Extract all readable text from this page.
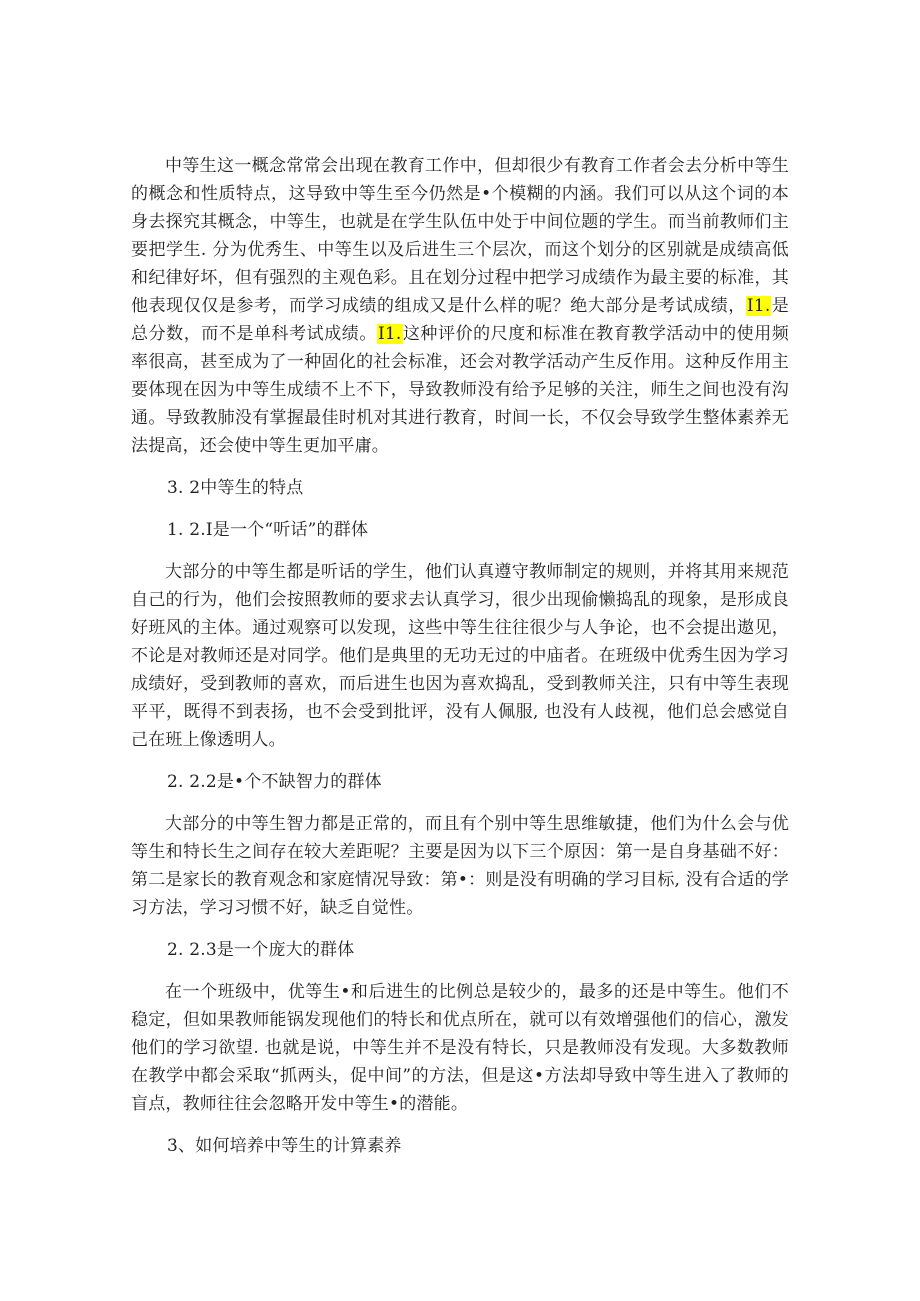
中等生这一概念常常会出现在教育工作中，但却很少有教育工作者会去分析中等生的概念和性质特点，这导致中等生至今仍然是•个模糊的内涵。我们可以从这个词的本身去探究其概念，中等生，也就是在学生队伍中处于中间位题的学生。而当前教师们主要把学生. 分为优秀生、中等生以及后进生三个层次，而这个划分的区别就是成绩高低和纪律好坏，但有强烈的主观色彩。且在划分过程中把学习成绩作为最主要的标准，其他表现仅仅是参考，而学习成绩的组成又是什么样的呢？绝大部分是考试成绩，I1.是总分数，而不是单科考试成绩。I1.这种评价的尺度和标准在教育教学活动中的使用频率很高，甚至成为了一种固化的社会标准，还会对教学活动产生反作用。这种反作用主要体现在因为中等生成绩不上不下，导致教师没有给予足够的关注，师生之间也没有沟通。导致教肺没有掌握最佳时机对其进行教育，时间一长，不仅会导致学生整体素养无法提高，还会使中等生更加平庸。

3. 2中等生的特点

1. 2.I是一个“听话”的群体

大部分的中等生都是听话的学生，他们认真遵守教师制定的规则，并将其用来规范自己的行为，他们会按照教师的要求去认真学习，很少出现偷懒捣乱的现象，是形成良好班风的主体。通过观察可以发现，这些中等生往往很少与人争论，也不会提出遨见，不论是对教师还是对同学。他们是典里的无功无过的中庙者。在班级中优秀生因为学习成绩好，受到教师的喜欢，而后进生也因为喜欢捣乱，受到教师关注，只有中等生表现平平，既得不到表扬，也不会受到批评，没有人佩服, 也没有人歧视，他们总会感觉自己在班上像透明人。

2. 2.2是•个不缺智力的群体

大部分的中等生智力都是正常的，而且有个别中等生思维敏捷，他们为什么会与优等生和特长生之间存在较大差距呢？主要是因为以下三个原因：第一是自身基础不好：第二是家长的教育观念和家庭情况导致：第•：则是没有明确的学习目标, 没有合适的学习方法，学习习惯不好，缺乏自觉性。

2. 2.3是一个庞大的群体

在一个班级中，优等生•和后进生的比例总是较少的，最多的还是中等生。他们不稳定，但如果教师能锅发现他们的特长和优点所在，就可以有效增强他们的信心，激发他们的学习欲望. 也就是说，中等生并不是没有特长，只是教师没有发现。大多数教师在教学中都会采取“抓两头，促中间”的方法，但是这•方法却导致中等生进入了教师的盲点，教师往往会忽略开发中等生•的潜能。

3、如何培养中等生的计算素养
